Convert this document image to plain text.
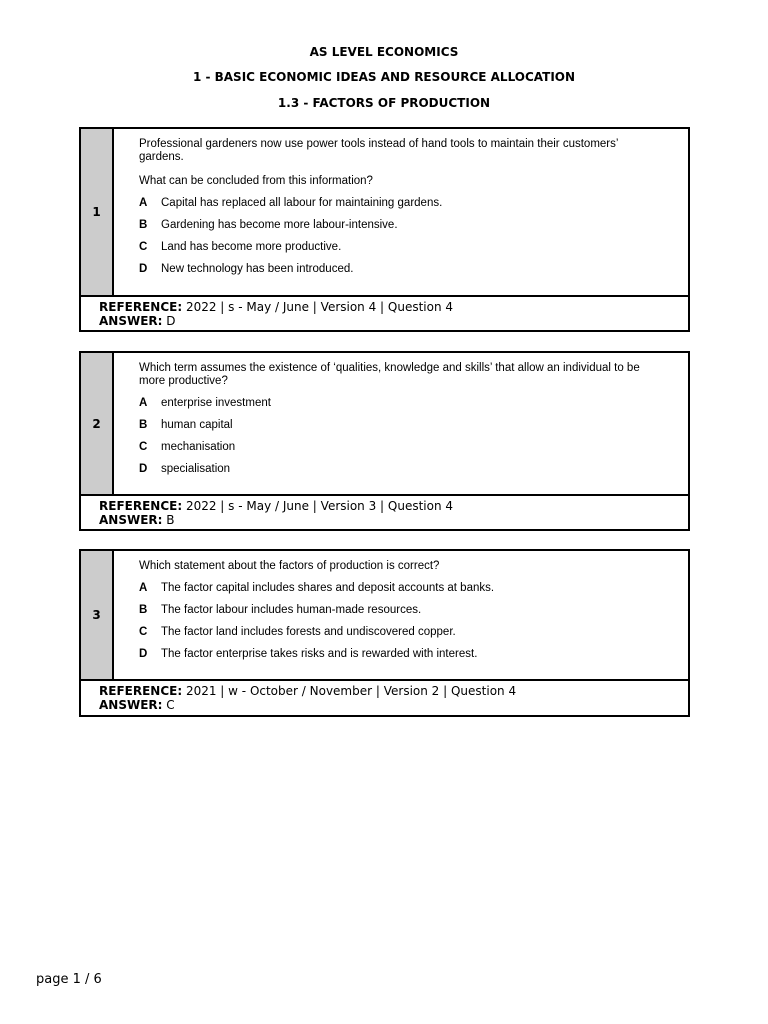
AS LEVEL ECONOMICS
1 - BASIC ECONOMIC IDEAS AND RESOURCE ALLOCATION
1.3 - FACTORS OF PRODUCTION
1

Professional gardeners now use power tools instead of hand tools to maintain their customers’ gardens.

What can be concluded from this information?

A	Capital has replaced all labour for maintaining gardens.
B	Gardening has become more labour-intensive.
C	Land has become more productive.
D	New technology has been introduced.
REFERENCE: 2022 | s - May / June | Version 4 | Question 4
ANSWER: D
2

Which term assumes the existence of ‘qualities, knowledge and skills’ that allow an individual to be more productive?

A	enterprise investment
B	human capital
C	mechanisation
D	specialisation
REFERENCE: 2022 | s - May / June | Version 3 | Question 4
ANSWER: B
3

Which statement about the factors of production is correct?

A	The factor capital includes shares and deposit accounts at banks.
B	The factor labour includes human-made resources.
C	The factor land includes forests and undiscovered copper.
D	The factor enterprise takes risks and is rewarded with interest.
REFERENCE: 2021 | w - October / November | Version 2 | Question 4
ANSWER: C
page 1 / 6
